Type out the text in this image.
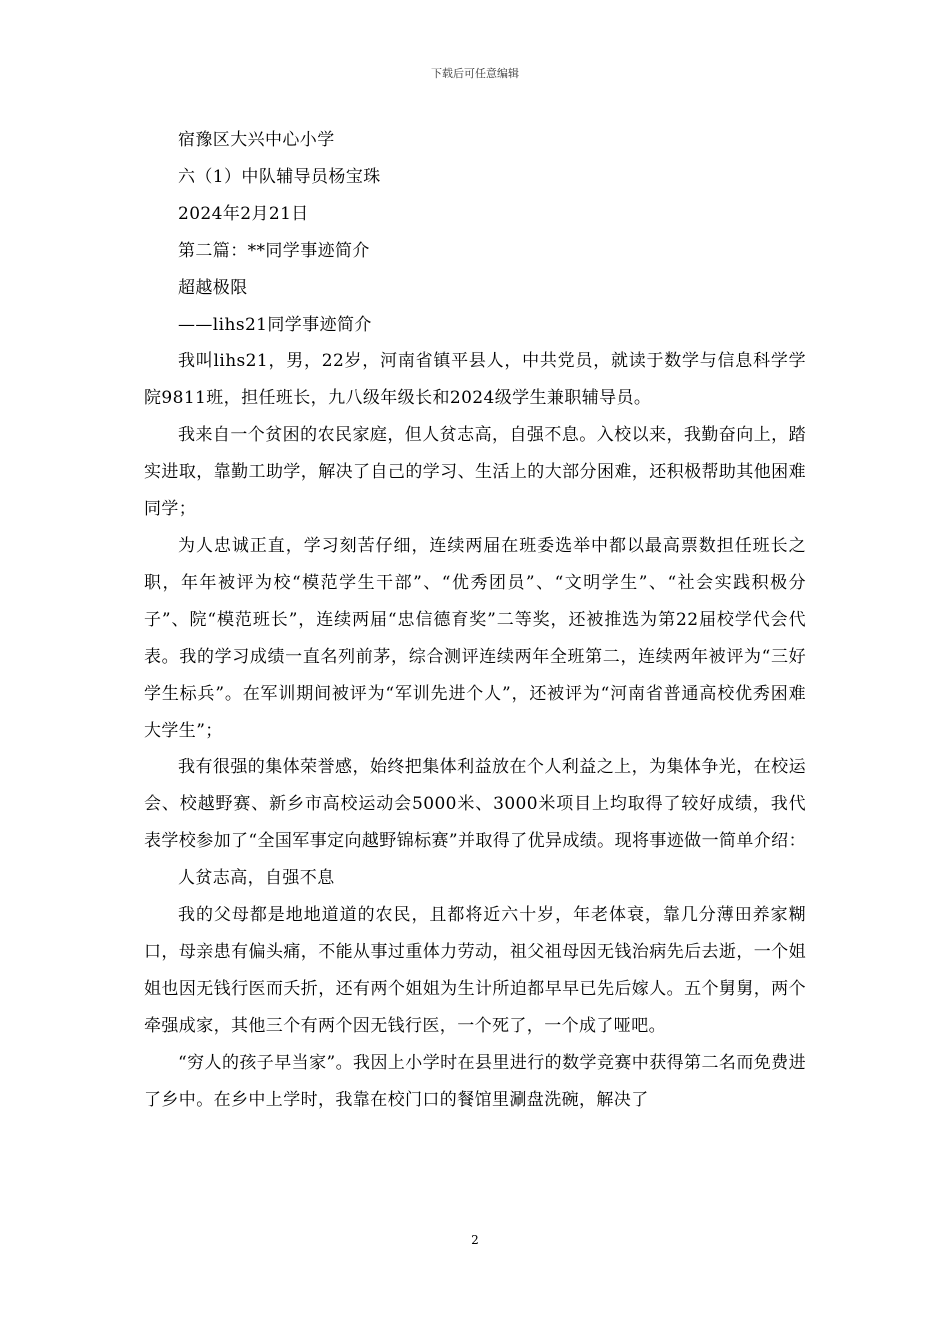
下载后可任意编辑

宿豫区大兴中心小学

六（1）中队辅导员杨宝珠

2024年2月21日

第二篇：**同学事迹简介

超越极限

——lihs21同学事迹简介

我叫lihs21，男，22岁，河南省镇平县人，中共党员，就读于数学与信息科学学院9811班，担任班长，九八级年级长和2024级学生兼职辅导员。

我来自一个贫困的农民家庭，但人贫志高，自强不息。入校以来，我勤奋向上，踏实进取，靠勤工助学，解决了自己的学习、生活上的大部分困难，还积极帮助其他困难同学；

为人忠诚正直，学习刻苦仔细，连续两届在班委选举中都以最高票数担任班长之职，年年被评为校“模范学生干部”、“优秀团员”、“文明学生”、“社会实践积极分子”、院“模范班长”，连续两届“忠信德育奖”二等奖，还被推选为第22届校学代会代表。我的学习成绩一直名列前茅，综合测评连续两年全班第二，连续两年被评为“三好学生标兵”。在军训期间被评为“军训先进个人”，还被评为“河南省普通高校优秀困难大学生”；

我有很强的集体荣誉感，始终把集体利益放在个人利益之上，为集体争光，在校运会、校越野赛、新乡市高校运动会5000米、3000米项目上均取得了较好成绩，我代表学校参加了“全国军事定向越野锦标赛”并取得了优异成绩。现将事迹做一简单介绍：

人贫志高，自强不息

我的父母都是地地道道的农民，且都将近六十岁，年老体衰，靠几分薄田养家糊口，母亲患有偏头痛，不能从事过重体力劳动，祖父祖母因无钱治病先后去逝，一个姐姐也因无钱行医而夭折，还有两个姐姐为生计所迫都早早已先后嫁人。五个舅舅，两个牵强成家，其他三个有两个因无钱行医，一个死了，一个成了哑吧。

“穷人的孩子早当家”。我因上小学时在县里进行的数学竞赛中获得第二名而免费进了乡中。在乡中上学时，我靠在校门口的餐馆里涮盘洗碗，解决了

2
